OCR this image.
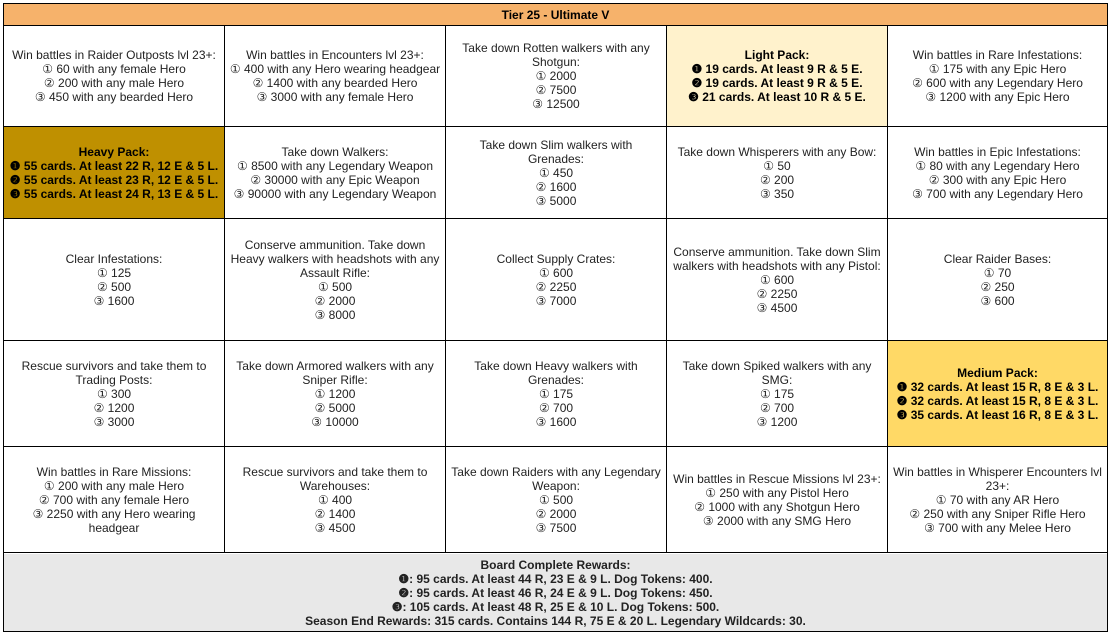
Tier 25 - Ultimate V
Win battles in Raider Outposts lvl 23+:
① 60 with any female Hero
② 200 with any male Hero
③ 450 with any bearded Hero
Win battles in Encounters lvl 23+:
① 400 with any Hero wearing headgear
② 1400 with any bearded Hero
③ 3000 with any female Hero
Take down Rotten walkers with any Shotgun:
① 2000
② 7500
③ 12500
Light Pack:
❶ 19 cards. At least 9 R & 5 E.
❷ 19 cards. At least 9 R & 5 E.
❸ 21 cards. At least 10 R & 5 E.
Win battles in Rare Infestations:
① 175 with any Epic Hero
② 600 with any Legendary Hero
③ 1200 with any Epic Hero
Heavy Pack:
❶ 55 cards. At least 22 R, 12 E & 5 L.
❷ 55 cards. At least 23 R, 12 E & 5 L.
❸ 55 cards. At least 24 R, 13 E & 5 L.
Take down Walkers:
① 8500 with any Legendary Weapon
② 30000 with any Epic Weapon
③ 90000 with any Legendary Weapon
Take down Slim walkers with Grenades:
① 450
② 1600
③ 5000
Take down Whisperers with any Bow:
① 50
② 200
③ 350
Win battles in Epic Infestations:
① 80 with any Legendary Hero
② 300 with any Epic Hero
③ 700 with any Legendary Hero
Clear Infestations:
① 125
② 500
③ 1600
Conserve ammunition. Take down Heavy walkers with headshots with any Assault Rifle:
① 500
② 2000
③ 8000
Collect Supply Crates:
① 600
② 2250
③ 7000
Conserve ammunition. Take down Slim walkers with headshots with any Pistol:
① 600
② 2250
③ 4500
Clear Raider Bases:
① 70
② 250
③ 600
Rescue survivors and take them to Trading Posts:
① 300
② 1200
③ 3000
Take down Armored walkers with any Sniper Rifle:
① 1200
② 5000
③ 10000
Take down Heavy walkers with Grenades:
① 175
② 700
③ 1600
Take down Spiked walkers with any SMG:
① 175
② 700
③ 1200
Medium Pack:
❶ 32 cards. At least 15 R, 8 E & 3 L.
❷ 32 cards. At least 15 R, 8 E & 3 L.
❸ 35 cards. At least 16 R, 8 E & 3 L.
Win battles in Rare Missions:
① 200 with any male Hero
② 700 with any female Hero
③ 2250 with any Hero wearing headgear
Rescue survivors and take them to Warehouses:
① 400
② 1400
③ 4500
Take down Raiders with any Legendary Weapon:
① 500
② 2000
③ 7500
Win battles in Rescue Missions lvl 23+:
① 250 with any Pistol Hero
② 1000 with any Shotgun Hero
③ 2000 with any SMG Hero
Win battles in Whisperer Encounters lvl 23+:
① 70 with any AR Hero
② 250 with any Sniper Rifle Hero
③ 700 with any Melee Hero
Board Complete Rewards:
❶: 95 cards. At least 44 R, 23 E & 9 L. Dog Tokens: 400.
❷: 95 cards. At least 46 R, 24 E & 9 L. Dog Tokens: 450.
❸: 105 cards. At least 48 R, 25 E & 10 L. Dog Tokens: 500.
Season End Rewards: 315 cards. Contains 144 R, 75 E & 20 L. Legendary Wildcards: 30.
